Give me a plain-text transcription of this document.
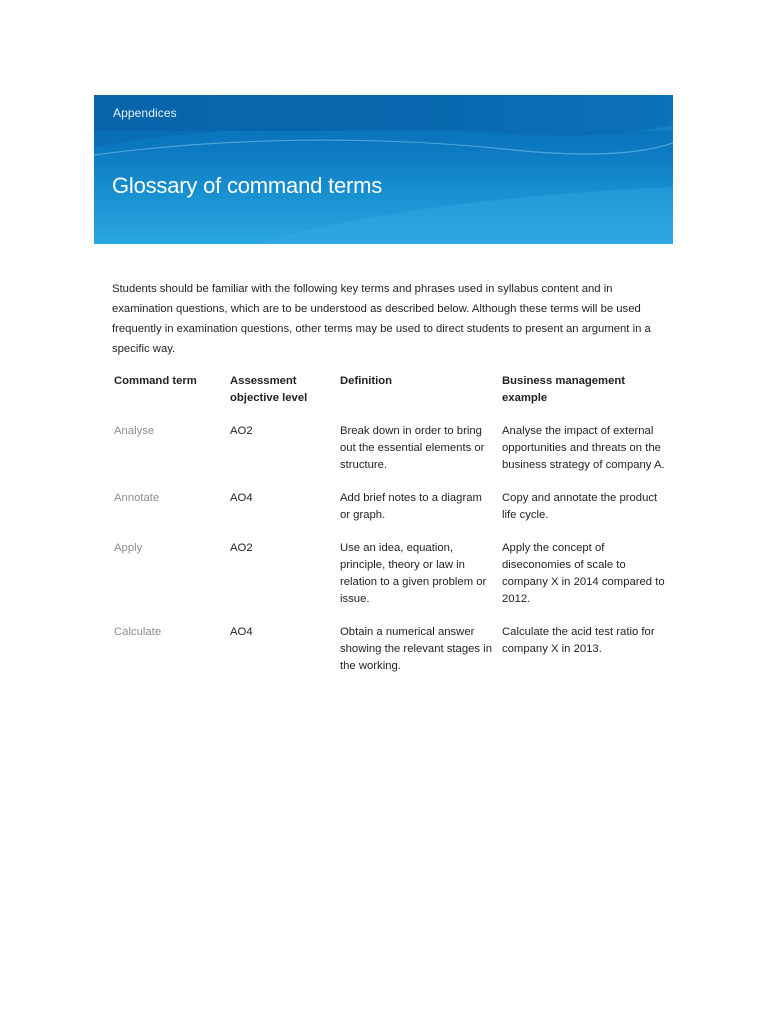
Appendices
Glossary of command terms

Students should be familiar with the following key terms and phrases used in syllabus content and in examination questions, which are to be understood as described below. Although these terms will be used frequently in examination questions, other terms may be used to direct students to present an argument in a specific way.

Command term	Assessment objective level	Definition	Business management example
Analyse	AO2	Break down in order to bring out the essential elements or structure.	Analyse the impact of external opportunities and threats on the business strategy of company A.
Annotate	AO4	Add brief notes to a diagram or graph.	Copy and annotate the product life cycle.
Apply	AO2	Use an idea, equation, principle, theory or law in relation to a given problem or issue.	Apply the concept of diseconomies of scale to company X in 2014 compared to 2012.
Calculate	AO4	Obtain a numerical answer showing the relevant stages in the working.	Calculate the acid test ratio for company X in 2013.
